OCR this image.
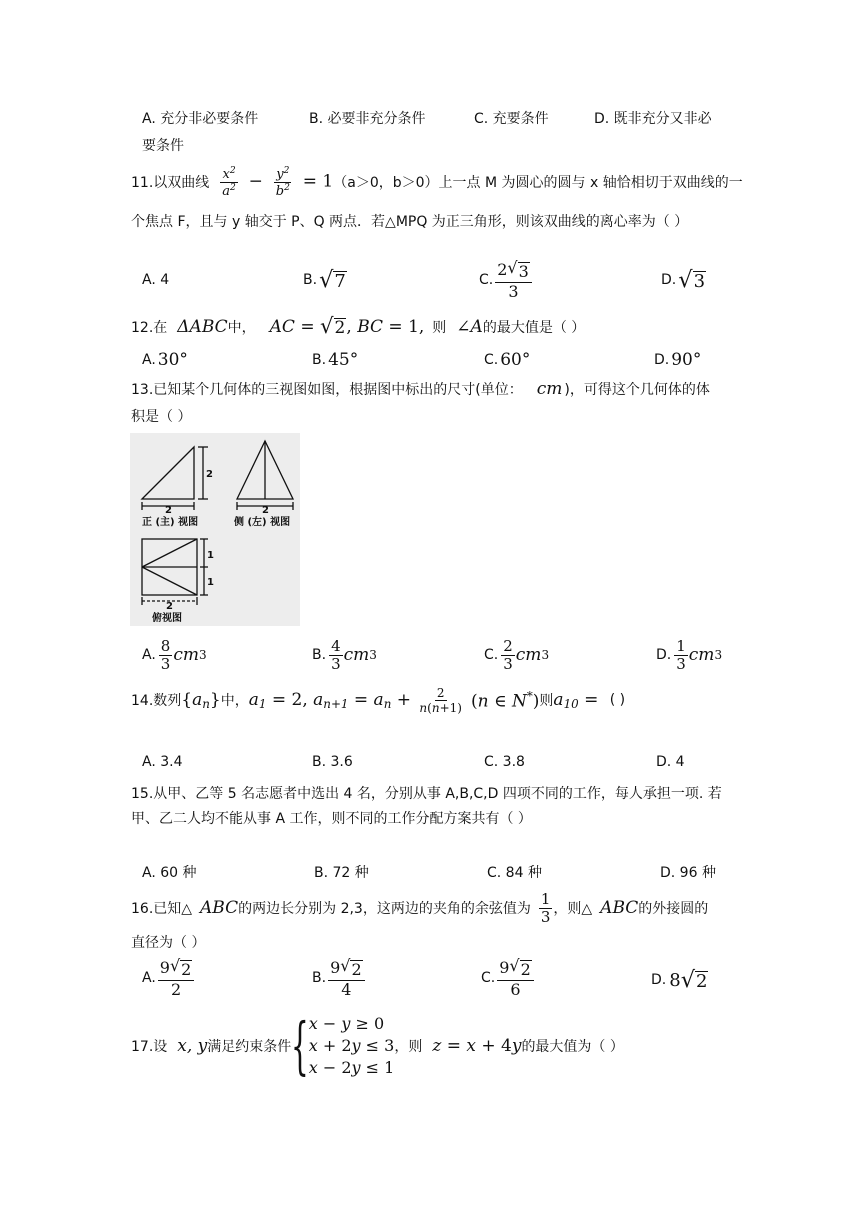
A. 充分非必要条件	B. 必要非充分条件	C. 充要条件	D. 既非充分又非必
要条件
11.以双曲线 $\frac{x^2}{a^2} - \frac{y^2}{b^2} = 1$ （a＞0，b＞0）上一点 M 为圆心的圆与 x 轴恰相切于双曲线的一
个焦点 F，且与 y 轴交于 P、Q 两点．若△MPQ 为正三角形，则该双曲线的离心率为（ ）
A. 4	B. √ 7	C. $\frac{2 √ 3}{3}$	D. √ 3
12.在 ΔABC 中， AC = √ 2 , BC = 1, 则 ∠A 的最大值是（ ）
A. 30°	B. 45°	C. 60°	D. 90°
13.已知某个几何体的三视图如图，根据图中标出的尺寸(单位： cm )，可得这个几何体的体
积是（ ）
2
2	2
1
1
2
正 (主) 视图	侧 (左) 视图
俯视图
A. $\frac{8}{3}$ cm 3	B. $\frac{4}{3}$ cm 3	C. $\frac{2}{3}$ cm 3	D. $\frac{1}{3}$ cm 3
14.数列 $\{a_n\}$ 中， $a_1 = 2$, $a_{n+1} = a_n + \frac{2}{n(n+1)} (n$ ∈ N*) 则 $a_{10}$ = ( )
A. 3.4	B. 3.6	C. 3.8	D. 4
15.从甲、乙等 5 名志愿者中选出 4 名，分别从事 A,B,C,D 四项不同的工作，每人承担一项. 若
甲、乙二人均不能从事 A 工作，则不同的工作分配方案共有（ ）
A. 60 种	B. 72 种	C. 84 种	D. 96 种
16.已知△ ABC 的两边长分别为 2,3，这两边的夹角的余弦值为 $\frac{1}{3}$ ，则△ ABC 的外接圆的
直径为（ ）
A. $\frac{9 √ 2}{2}$	B. $\frac{9 √ 2}{4}$	C. $\frac{9 √ 2}{6}$	D. 8 √ 2
17.设 x, y 满足约束条件 { x − y ≥ 0
x + 2y ≤ 3
x − 2y ≤ 1
，则 z = x + 4y 的最大值为（ ）
